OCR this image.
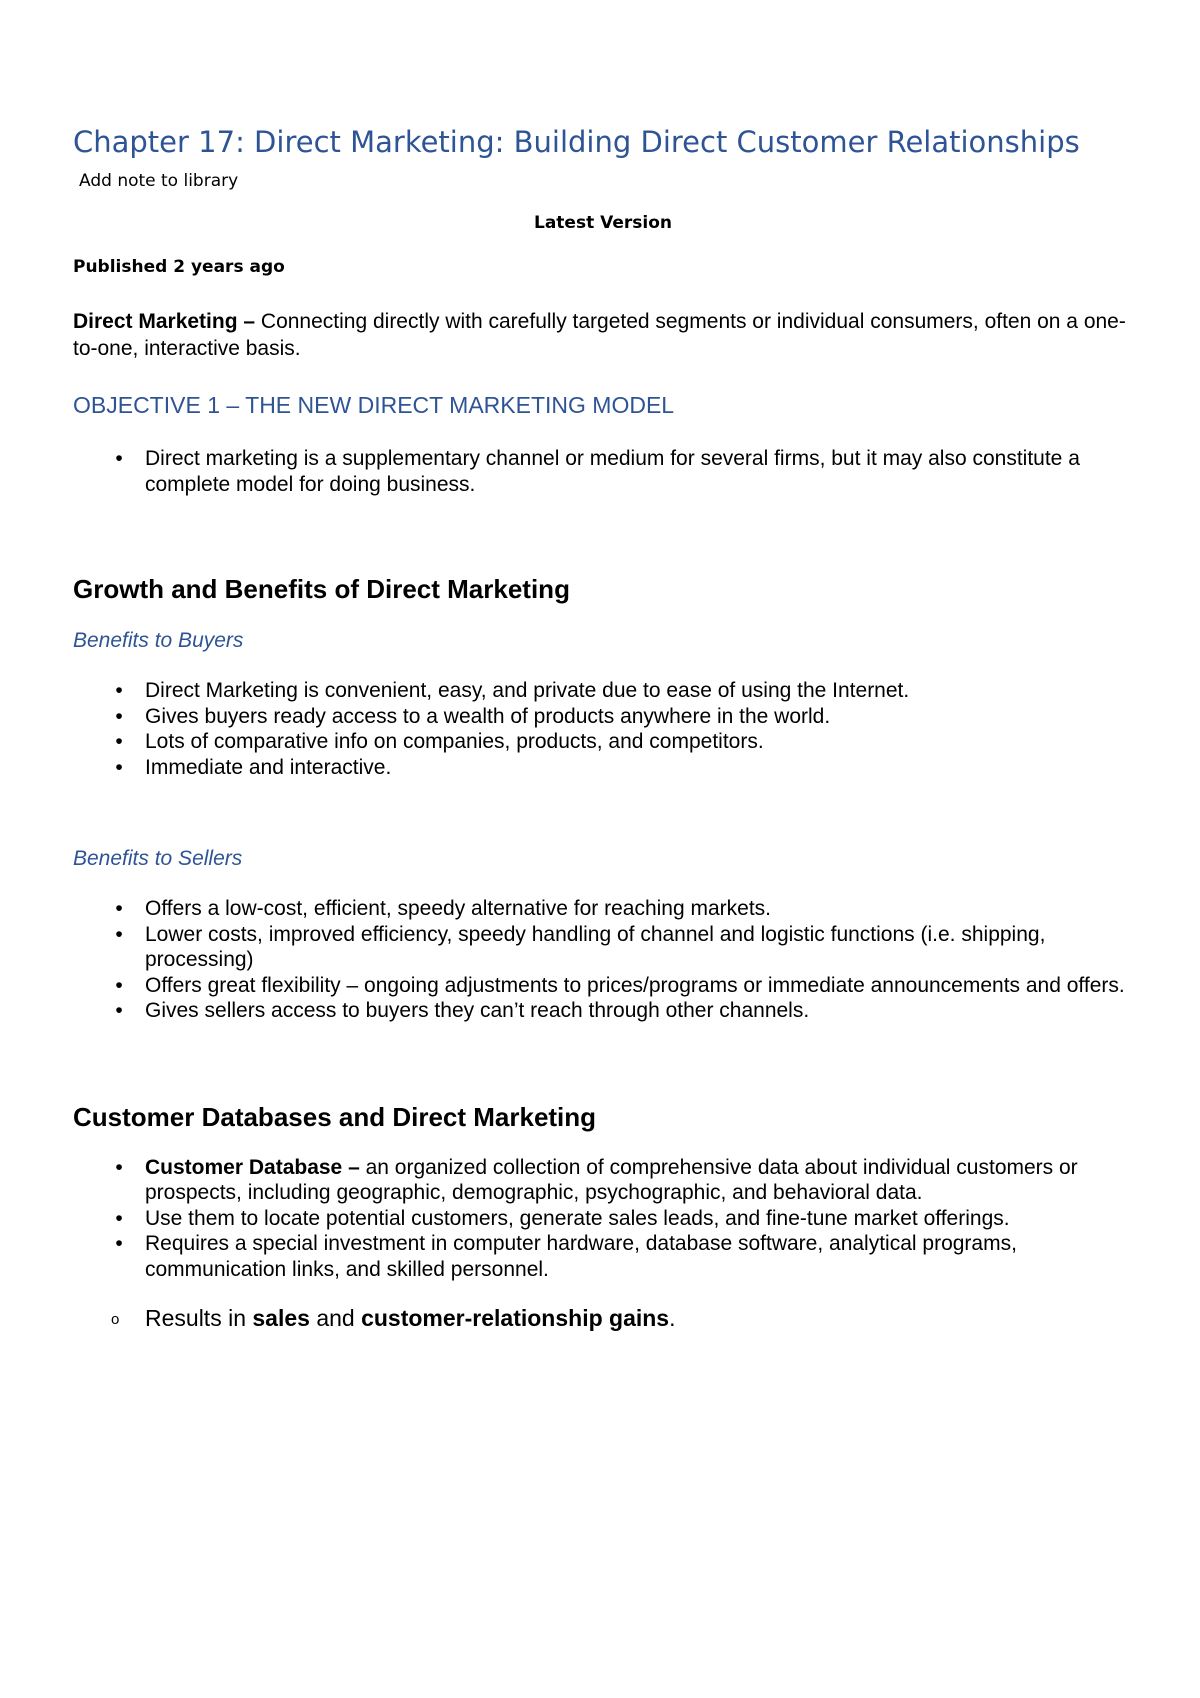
Chapter 17: Direct Marketing: Building Direct Customer Relationships
Add note to library
Latest Version
Published 2 years ago
Direct Marketing – Connecting directly with carefully targeted segments or individual consumers, often on a one-to-one, interactive basis.
OBJECTIVE 1 – THE NEW DIRECT MARKETING MODEL
• Direct marketing is a supplementary channel or medium for several firms, but it may also constitute a complete model for doing business.
Growth and Benefits of Direct Marketing
Benefits to Buyers
• Direct Marketing is convenient, easy, and private due to ease of using the Internet.
• Gives buyers ready access to a wealth of products anywhere in the world.
• Lots of comparative info on companies, products, and competitors.
• Immediate and interactive.
Benefits to Sellers
• Offers a low-cost, efficient, speedy alternative for reaching markets.
• Lower costs, improved efficiency, speedy handling of channel and logistic functions (i.e. shipping, processing)
• Offers great flexibility – ongoing adjustments to prices/programs or immediate announcements and offers.
• Gives sellers access to buyers they can’t reach through other channels.
Customer Databases and Direct Marketing
• Customer Database – an organized collection of comprehensive data about individual customers or prospects, including geographic, demographic, psychographic, and behavioral data.
• Use them to locate potential customers, generate sales leads, and fine-tune market offerings.
• Requires a special investment in computer hardware, database software, analytical programs, communication links, and skilled personnel.
o Results in sales and customer-relationship gains.
